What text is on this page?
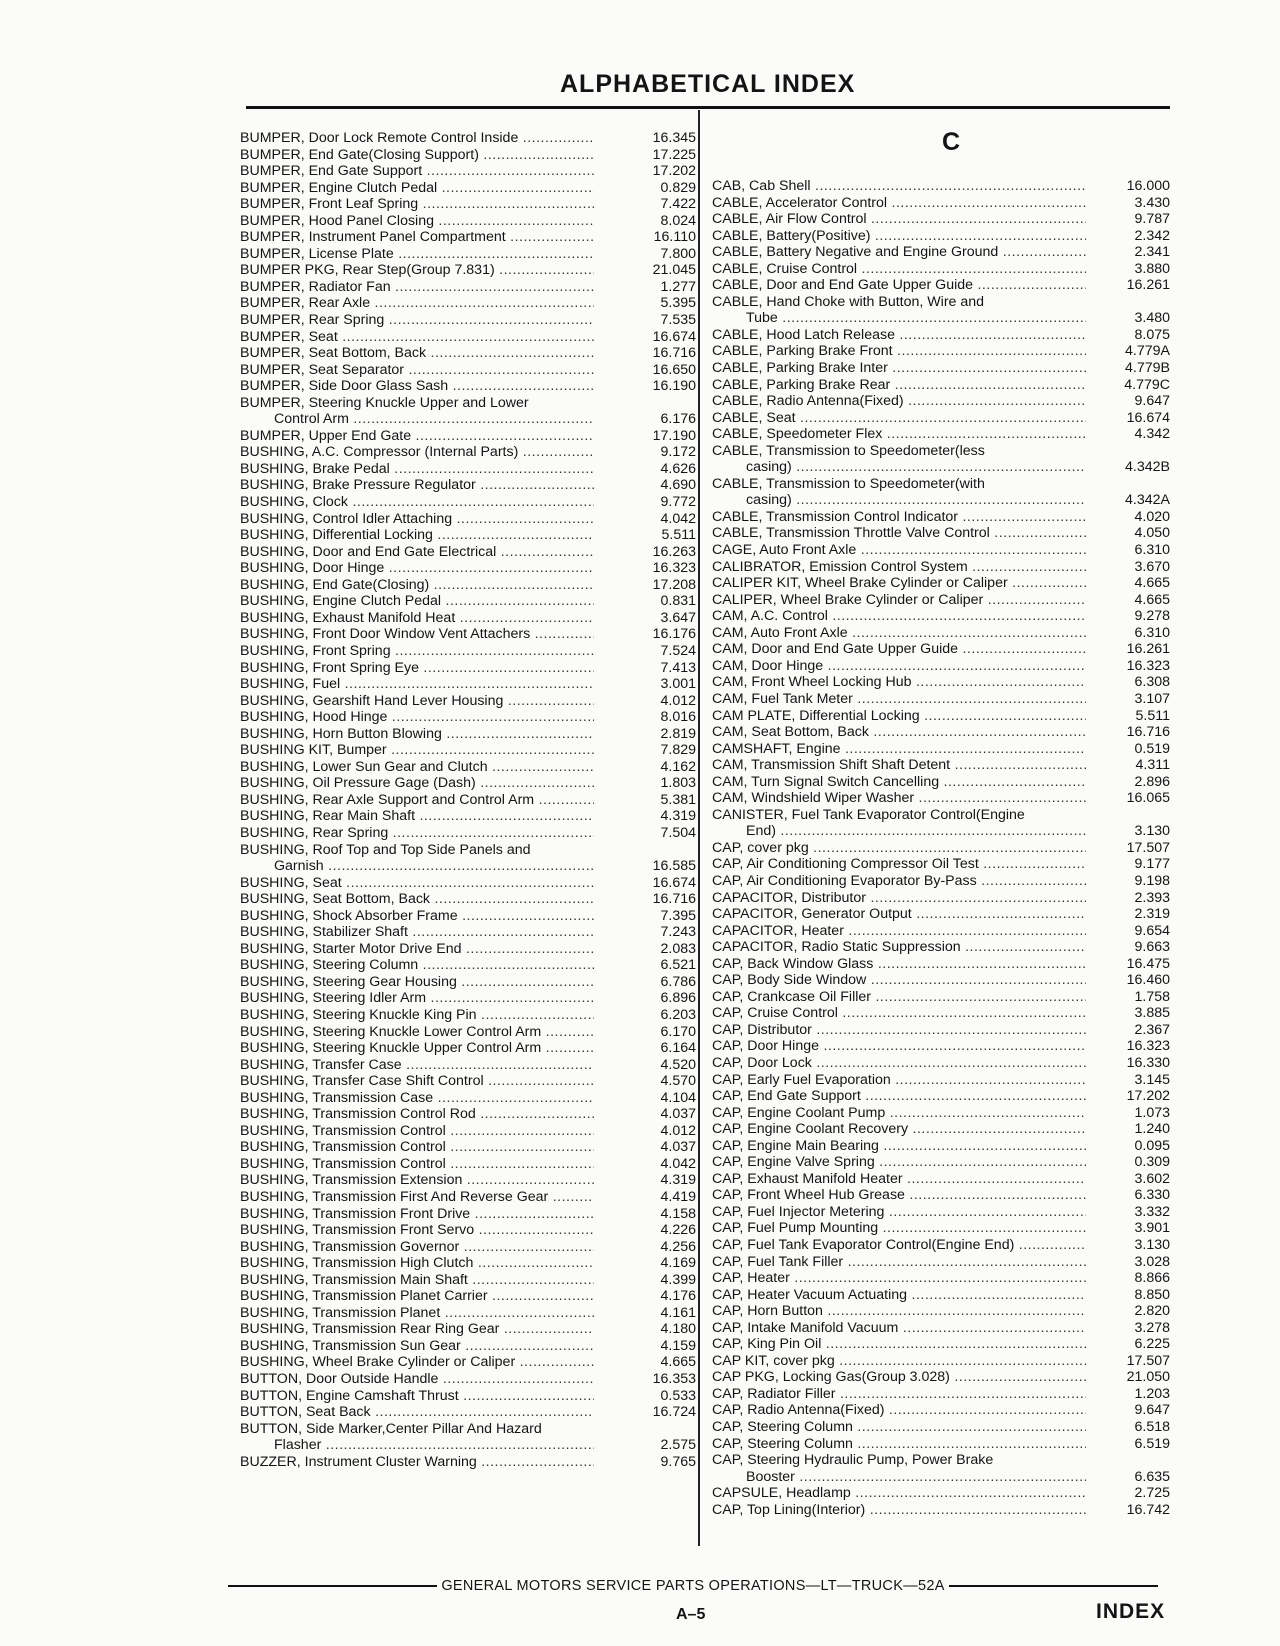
ALPHABETICAL INDEX
BUMPER, Door Lock Remote Control Inside .....	16.345
BUMPER, End Gate(Closing Support) .....	17.225
BUMPER, End Gate Support .....	17.202
BUMPER, Engine Clutch Pedal .....	0.829
BUMPER, Front Leaf Spring .....	7.422
BUMPER, Hood Panel Closing .....	8.024
BUMPER, Instrument Panel Compartment .....	16.110
BUMPER, License Plate .....	7.800
BUMPER PKG, Rear Step(Group 7.831) .....	21.045
BUMPER, Radiator Fan .....	1.277
BUMPER, Rear Axle .....	5.395
BUMPER, Rear Spring .....	7.535
BUMPER, Seat .....	16.674
BUMPER, Seat Bottom, Back .....	16.716
BUMPER, Seat Separator .....	16.650
BUMPER, Side Door Glass Sash .....	16.190
BUMPER, Steering Knuckle Upper and Lower
Control Arm .....	6.176
BUMPER, Upper End Gate .....	17.190
BUSHING, A.C. Compressor (Internal Parts) .....	9.172
BUSHING, Brake Pedal .....	4.626
BUSHING, Brake Pressure Regulator .....	4.690
BUSHING, Clock .....	9.772
BUSHING, Control Idler Attaching .....	4.042
BUSHING, Differential Locking .....	5.511
BUSHING, Door and End Gate Electrical .....	16.263
BUSHING, Door Hinge .....	16.323
BUSHING, End Gate(Closing) .....	17.208
BUSHING, Engine Clutch Pedal .....	0.831
BUSHING, Exhaust Manifold Heat .....	3.647
BUSHING, Front Door Window Vent Attachers .....	16.176
BUSHING, Front Spring .....	7.524
BUSHING, Front Spring Eye .....	7.413
BUSHING, Fuel .....	3.001
BUSHING, Gearshift Hand Lever Housing .....	4.012
BUSHING, Hood Hinge .....	8.016
BUSHING, Horn Button Blowing .....	2.819
BUSHING KIT, Bumper .....	7.829
BUSHING, Lower Sun Gear and Clutch .....	4.162
BUSHING, Oil Pressure Gage (Dash) .....	1.803
BUSHING, Rear Axle Support and Control Arm .....	5.381
BUSHING, Rear Main Shaft .....	4.319
BUSHING, Rear Spring .....	7.504
BUSHING, Roof Top and Top Side Panels and
Garnish .....	16.585
BUSHING, Seat .....	16.674
BUSHING, Seat Bottom, Back .....	16.716
BUSHING, Shock Absorber Frame .....	7.395
BUSHING, Stabilizer Shaft .....	7.243
BUSHING, Starter Motor Drive End .....	2.083
BUSHING, Steering Column .....	6.521
BUSHING, Steering Gear Housing .....	6.786
BUSHING, Steering Idler Arm .....	6.896
BUSHING, Steering Knuckle King Pin .....	6.203
BUSHING, Steering Knuckle Lower Control Arm .....	6.170
BUSHING, Steering Knuckle Upper Control Arm .....	6.164
BUSHING, Transfer Case .....	4.520
BUSHING, Transfer Case Shift Control .....	4.570
BUSHING, Transmission Case .....	4.104
BUSHING, Transmission Control Rod .....	4.037
BUSHING, Transmission Control .....	4.012
BUSHING, Transmission Control .....	4.037
BUSHING, Transmission Control .....	4.042
BUSHING, Transmission Extension .....	4.319
BUSHING, Transmission First And Reverse Gear .....	4.419
BUSHING, Transmission Front Drive .....	4.158
BUSHING, Transmission Front Servo .....	4.226
BUSHING, Transmission Governor .....	4.256
BUSHING, Transmission High Clutch .....	4.169
BUSHING, Transmission Main Shaft .....	4.399
BUSHING, Transmission Planet Carrier .....	4.176
BUSHING, Transmission Planet .....	4.161
BUSHING, Transmission Rear Ring Gear .....	4.180
BUSHING, Transmission Sun Gear .....	4.159
BUSHING, Wheel Brake Cylinder or Caliper .....	4.665
BUTTON, Door Outside Handle .....	16.353
BUTTON, Engine Camshaft Thrust .....	0.533
BUTTON, Seat Back .....	16.724
BUTTON, Side Marker,Center Pillar And Hazard
Flasher .....	2.575
BUZZER, Instrument Cluster Warning .....	9.765
C
CAB, Cab Shell .....	16.000
CABLE, Accelerator Control .....	3.430
CABLE, Air Flow Control .....	9.787
CABLE, Battery(Positive) .....	2.342
CABLE, Battery Negative and Engine Ground .....	2.341
CABLE, Cruise Control .....	3.880
CABLE, Door and End Gate Upper Guide .....	16.261
CABLE, Hand Choke with Button, Wire and
Tube .....	3.480
CABLE, Hood Latch Release .....	8.075
CABLE, Parking Brake Front .....	4.779A
CABLE, Parking Brake Inter .....	4.779B
CABLE, Parking Brake Rear .....	4.779C
CABLE, Radio Antenna(Fixed) .....	9.647
CABLE, Seat .....	16.674
CABLE, Speedometer Flex .....	4.342
CABLE, Transmission to Speedometer(less
casing) .....	4.342B
CABLE, Transmission to Speedometer(with
casing) .....	4.342A
CABLE, Transmission Control Indicator .....	4.020
CABLE, Transmission Throttle Valve Control .....	4.050
CAGE, Auto Front Axle .....	6.310
CALIBRATOR, Emission Control System .....	3.670
CALIPER KIT, Wheel Brake Cylinder or Caliper .....	4.665
CALIPER, Wheel Brake Cylinder or Caliper .....	4.665
CAM, A.C. Control .....	9.278
CAM, Auto Front Axle .....	6.310
CAM, Door and End Gate Upper Guide .....	16.261
CAM, Door Hinge .....	16.323
CAM, Front Wheel Locking Hub .....	6.308
CAM, Fuel Tank Meter .....	3.107
CAM PLATE, Differential Locking .....	5.511
CAM, Seat Bottom, Back .....	16.716
CAMSHAFT, Engine .....	0.519
CAM, Transmission Shift Shaft Detent .....	4.311
CAM, Turn Signal Switch Cancelling .....	2.896
CAM, Windshield Wiper Washer .....	16.065
CANISTER, Fuel Tank Evaporator Control(Engine
End) .....	3.130
CAP, cover pkg .....	17.507
CAP, Air Conditioning Compressor Oil Test .....	9.177
CAP, Air Conditioning Evaporator By-Pass .....	9.198
CAPACITOR, Distributor .....	2.393
CAPACITOR, Generator Output .....	2.319
CAPACITOR, Heater .....	9.654
CAPACITOR, Radio Static Suppression .....	9.663
CAP, Back Window Glass .....	16.475
CAP, Body Side Window .....	16.460
CAP, Crankcase Oil Filler .....	1.758
CAP, Cruise Control .....	3.885
CAP, Distributor .....	2.367
CAP, Door Hinge .....	16.323
CAP, Door Lock .....	16.330
CAP, Early Fuel Evaporation .....	3.145
CAP, End Gate Support .....	17.202
CAP, Engine Coolant Pump .....	1.073
CAP, Engine Coolant Recovery .....	1.240
CAP, Engine Main Bearing .....	0.095
CAP, Engine Valve Spring .....	0.309
CAP, Exhaust Manifold Heater .....	3.602
CAP, Front Wheel Hub Grease .....	6.330
CAP, Fuel Injector Metering .....	3.332
CAP, Fuel Pump Mounting .....	3.901
CAP, Fuel Tank Evaporator Control(Engine End) .....	3.130
CAP, Fuel Tank Filler .....	3.028
CAP, Heater .....	8.866
CAP, Heater Vacuum Actuating .....	8.850
CAP, Horn Button .....	2.820
CAP, Intake Manifold Vacuum .....	3.278
CAP, King Pin Oil .....	6.225
CAP KIT, cover pkg .....	17.507
CAP PKG, Locking Gas(Group 3.028) .....	21.050
CAP, Radiator Filler .....	1.203
CAP, Radio Antenna(Fixed) .....	9.647
CAP, Steering Column .....	6.518
CAP, Steering Column .....	6.519
CAP, Steering Hydraulic Pump, Power Brake
Booster .....	6.635
CAPSULE, Headlamp .....	2.725
CAP, Top Lining(Interior) .....	16.742
GENERAL MOTORS SERVICE PARTS OPERATIONS—LT—TRUCK—52A
A–5	INDEX
